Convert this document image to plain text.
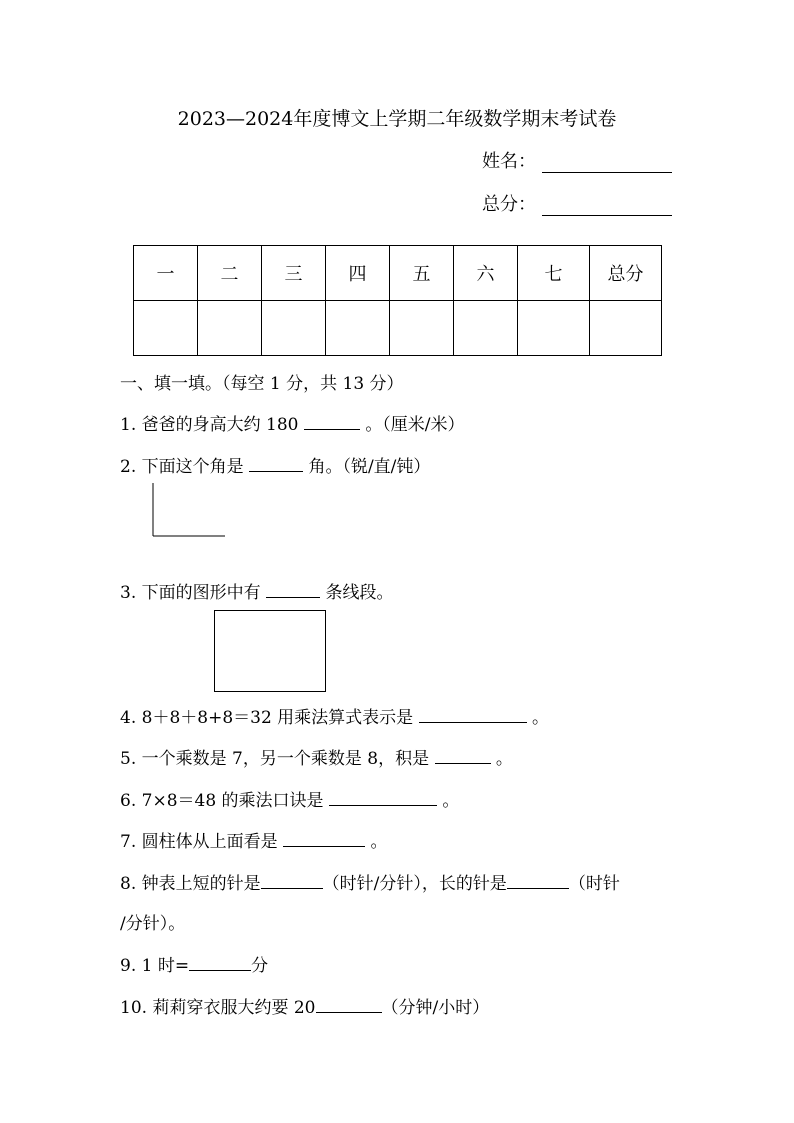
2023—2024年度博文上学期二年级数学期末考试卷
姓名：
总分：
一	二	三	四	五	六	七	总分

一、填一填。（每空 1 分，共 13 分）
1. 爸爸的身高大约 180	。（厘米/米）
2. 下面这个角是	角。（锐/直/钝）
3. 下面的图形中有	条线段。
4. 8＋8＋8+8＝32 用乘法算式表示是	。
5. 一个乘数是 7，另一个乘数是 8，积是	。
6. 7×8＝48 的乘法口诀是	。
7. 圆柱体从上面看是	。
8. 钟表上短的针是	（时针/分针），长的针是	（时针
/分针）。
9. 1 时=	分
10. 莉莉穿衣服大约要 20	（分钟/小时）
